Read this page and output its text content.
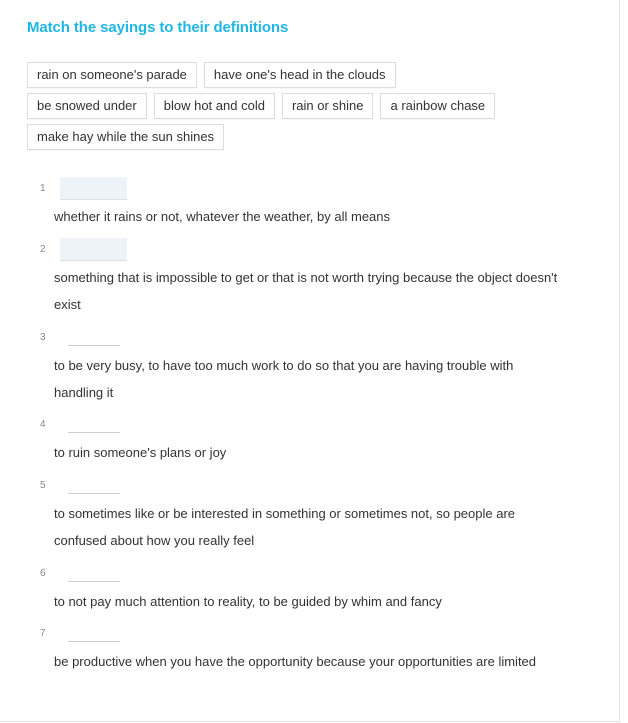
Match the sayings to their definitions
rain on someone's parade	have one's head in the clouds
be snowed under	blow hot and cold	rain or shine	a rainbow chase
make hay while the sun shines
1
whether it rains or not, whatever the weather, by all means
2
something that is impossible to get or that is not worth trying because the object doesn't exist
3
to be very busy, to have too much work to do so that you are having trouble with handling it
4
to ruin someone's plans or joy
5
to sometimes like or be interested in something or sometimes not, so people are confused about how you really feel
6
to not pay much attention to reality, to be guided by whim and fancy
7
be productive when you have the opportunity because your opportunities are limited
